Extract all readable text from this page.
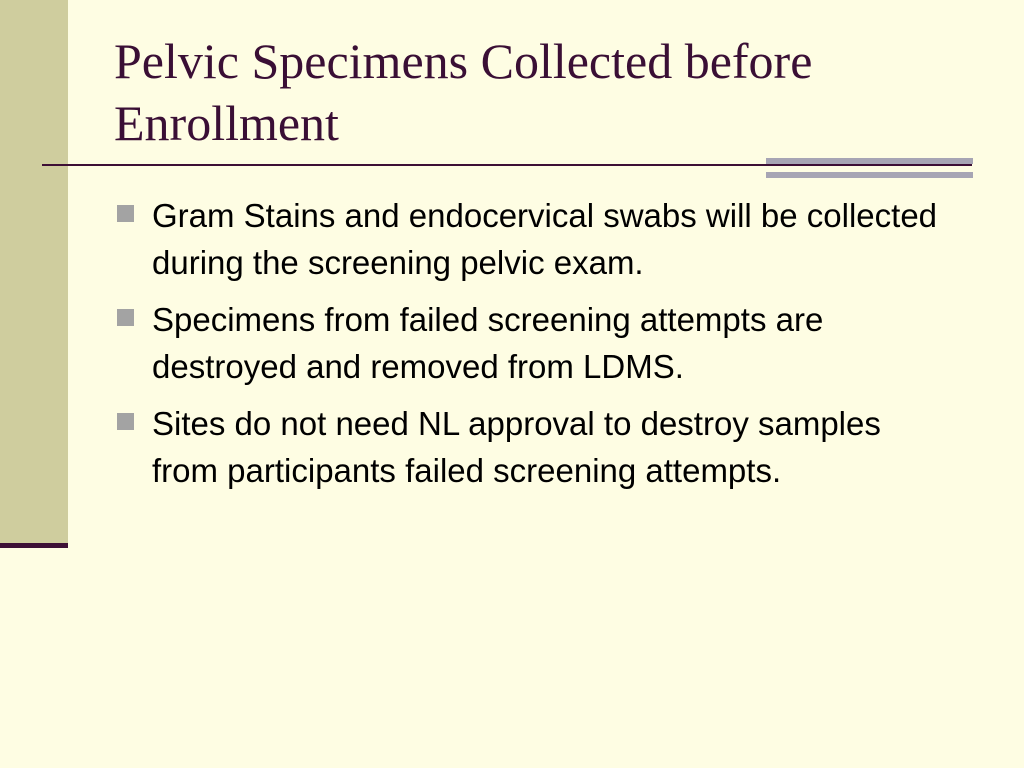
Pelvic Specimens Collected before Enrollment
Gram Stains and endocervical swabs will be collected during the screening pelvic exam.
Specimens from failed screening attempts are destroyed and removed from LDMS.
Sites do not need NL approval to destroy samples from participants failed screening attempts.
